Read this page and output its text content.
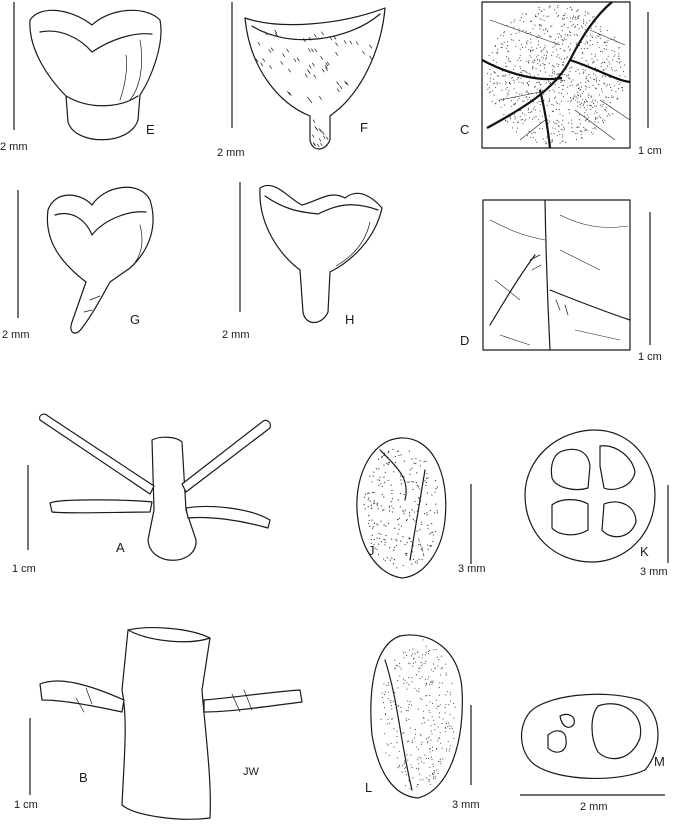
2 mm
E
2 mm
F	C
1 cm
2 mm
G
2 mm
H
D
1 cm
1 cm
A	J
3 mm
K
3 mm
1 cm
B	JW
L
3 mm
M
2 mm
